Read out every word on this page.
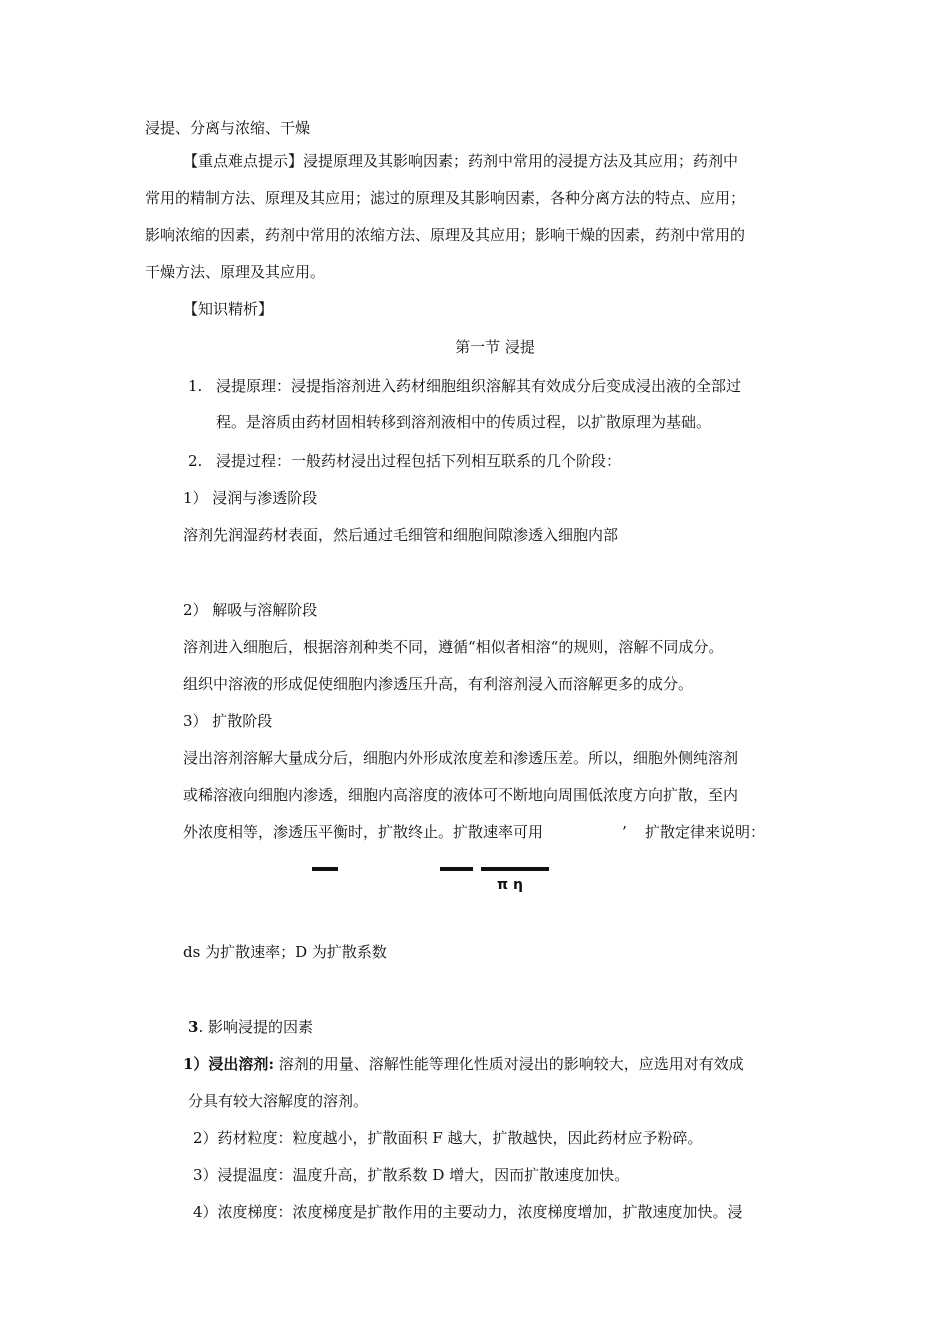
浸提、分离与浓缩、干燥
【重点难点提示】浸提原理及其影响因素；药剂中常用的浸提方法及其应用；药剂中
常用的精制方法、原理及其应用；滤过的原理及其影响因素，各种分离方法的特点、应用；
影响浓缩的因素，药剂中常用的浓缩方法、原理及其应用；影响干燥的因素，药剂中常用的
干燥方法、原理及其应用。
【知识精析】
第一节 浸提
1. 浸提原理：浸提指溶剂进入药材细胞组织溶解其有效成分后变成浸出液的全部过
程。是溶质由药材固相转移到溶剂液相中的传质过程，以扩散原理为基础。
2. 浸提过程：一般药材浸出过程包括下列相互联系的几个阶段：
1） 浸润与渗透阶段
溶剂先润湿药材表面，然后通过毛细管和细胞间隙渗透入细胞内部
2） 解吸与溶解阶段
溶剂进入细胞后，根据溶剂种类不同，遵循“相似者相溶“的规则，溶解不同成分。
组织中溶液的形成促使细胞内渗透压升高，有利溶剂浸入而溶解更多的成分。
3） 扩散阶段
浸出溶剂溶解大量成分后，细胞内外形成浓度差和渗透压差。所以，细胞外侧纯溶剂
或稀溶液向细胞内渗透，细胞内高溶度的液体可不断地向周围低浓度方向扩散，至内
外浓度相等，渗透压平衡时，扩散终止。扩散速率可用	’ 扩散定律来说明：
π η
ds 为扩散速率；D 为扩散系数
3. 影响浸提的因素
1）浸出溶剂: 溶剂的用量、溶解性能等理化性质对浸出的影响较大，应选用对有效成
分具有较大溶解度的溶剂。
2）药材粒度：粒度越小，扩散面积 F 越大，扩散越快，因此药材应予粉碎。
3）浸提温度：温度升高，扩散系数 D 增大，因而扩散速度加快。
4）浓度梯度：浓度梯度是扩散作用的主要动力，浓度梯度增加，扩散速度加快。浸
